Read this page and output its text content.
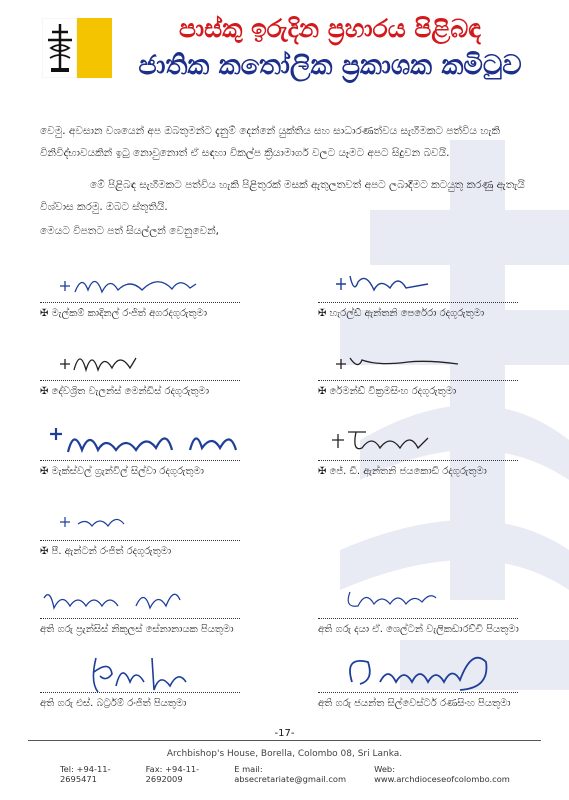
පාස්කු ඉරුදින ප්‍රහාරය පිළිබඳ
ජාතික කතෝලික ප්‍රකාශක කමිටුව
වෙමු. අවසාන වශයෙන් අප ඔබතුමන්ට දැනුම් දෙන්නේ යුක්තිය සහ සාධාරණත්වය සැහීමකට පත්විය හැකි විනිවිද්භාවයකින් ඉටු නොවුනොත් ඒ සඳහා විකල්ප ක්‍රියාමාර්ග වලට යෑමට අපට සිදුවන බවයි.
මේ පිළිබඳ සැහීමකට පත්විය හැකි පිළිතුරක් මසක් ඇතුලතවත් අපට ලබාදීමට කටයුතු කරණු ඇතැයි විශ්වාස කරමු. ඔබට ස්තූතියි.
මෙයට විපතට පත් සියල්ලන් වෙනුවෙන්,
✠ මැල්කම් කාදිනල් රංජිත් අගරදගුරුතුමා	✠ හැරල්ඩ් ඇන්තනි පෙරේරා රදගුරුතුමා
✠ දේවශ්‍රිත වැලන්ස් මෙන්ඩිස් රදගුරුතුමා	✠ රේමන්ඩ් වික්‍රමසිංහ රදගුරුතුමා
✠ මැක්ස්වල් ග්‍රැන්විල් සිල්වා රදගුරුතුමා	✠ ජේ. ඩී. ඇන්තනි ජයකොඩි රදගුරුතුමා
✠ පී. ඇන්ටන් රංජිත් රදගුරුතුමා
අති ගරු ප්‍රැන්සිස් නිකුලස් සේනානායක පියතුමා	අති ගරු දයා ඒ. ශෙල්ටන් වැලිකඩාරච්චි පියතුමා
අති ගරු එස්. බර්ට්‍රම් රංජිත් පියතුමා	අති ගරු ජයන්ත සිල්වෙස්ටර් රණසිංහ පියතුමා
-17-
Archbishop's House, Borella, Colombo 08, Sri Lanka.
Tel: +94-11-2695471
Fax: +94-11-2692009
E mail: absecretariate@gmail.com
Web: www.archdioceseofcolombo.com
